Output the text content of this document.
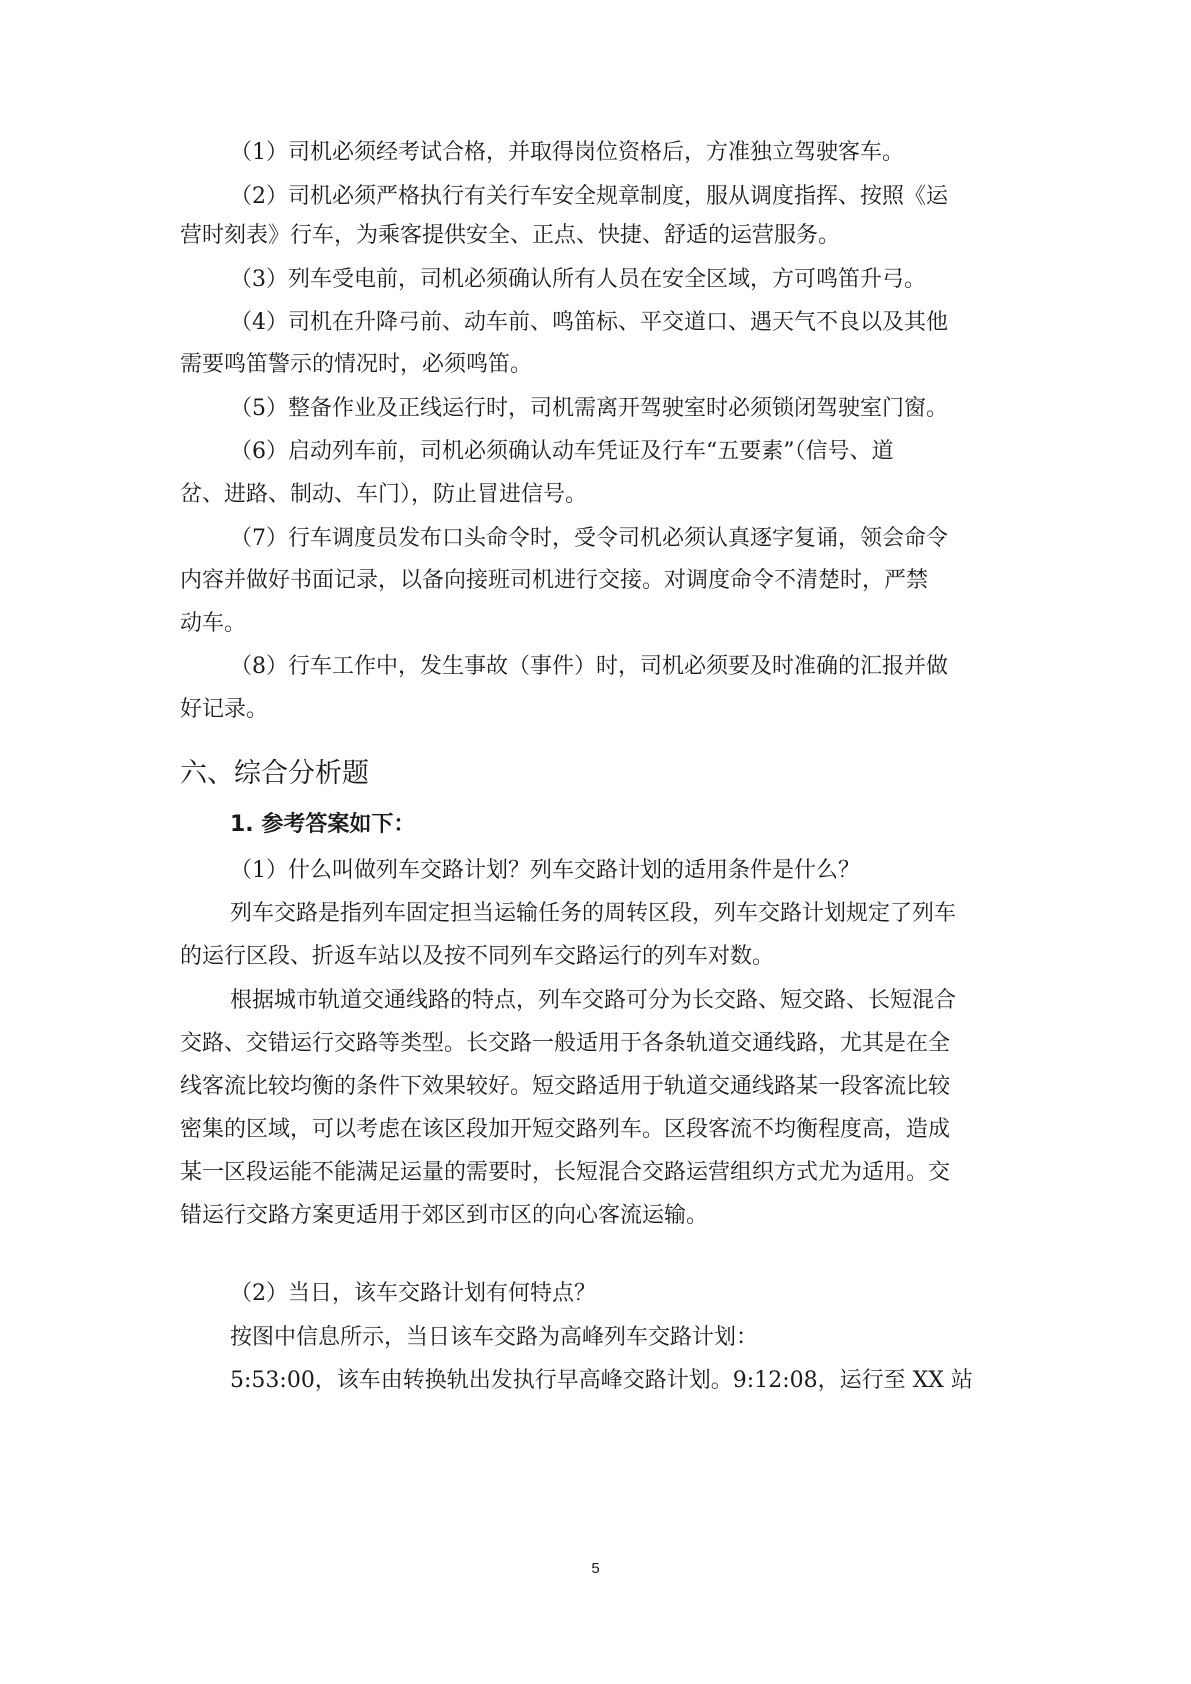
（1）司机必须经考试合格，并取得岗位资格后，方准独立驾驶客车。
（2）司机必须严格执行有关行车安全规章制度，服从调度指挥、按照《运
营时刻表》行车，为乘客提供安全、正点、快捷、舒适的运营服务。
（3）列车受电前，司机必须确认所有人员在安全区域，方可鸣笛升弓。
（4）司机在升降弓前、动车前、鸣笛标、平交道口、遇天气不良以及其他
需要鸣笛警示的情况时，必须鸣笛。
（5）整备作业及正线运行时，司机需离开驾驶室时必须锁闭驾驶室门窗。
（6）启动列车前，司机必须确认动车凭证及行车“五要素”（信号、道
岔、进路、制动、车门），防止冒进信号。
（7）行车调度员发布口头命令时，受令司机必须认真逐字复诵，领会命令
内容并做好书面记录，以备向接班司机进行交接。对调度命令不清楚时，严禁
动车。
（8）行车工作中，发生事故（事件）时，司机必须要及时准确的汇报并做
好记录。
六、综合分析题
1. 参考答案如下：
（1）什么叫做列车交路计划？列车交路计划的适用条件是什么？
列车交路是指列车固定担当运输任务的周转区段，列车交路计划规定了列车
的运行区段、折返车站以及按不同列车交路运行的列车对数。
根据城市轨道交通线路的特点，列车交路可分为长交路、短交路、长短混合
交路、交错运行交路等类型。长交路一般适用于各条轨道交通线路，尤其是在全
线客流比较均衡的条件下效果较好。短交路适用于轨道交通线路某一段客流比较
密集的区域，可以考虑在该区段加开短交路列车。区段客流不均衡程度高，造成
某一区段运能不能满足运量的需要时，长短混合交路运营组织方式尤为适用。交
错运行交路方案更适用于郊区到市区的向心客流运输。
（2）当日，该车交路计划有何特点？
按图中信息所示，当日该车交路为高峰列车交路计划：
5:53:00，该车由转换轨出发执行早高峰交路计划。9:12:08，运行至 XX 站
5
